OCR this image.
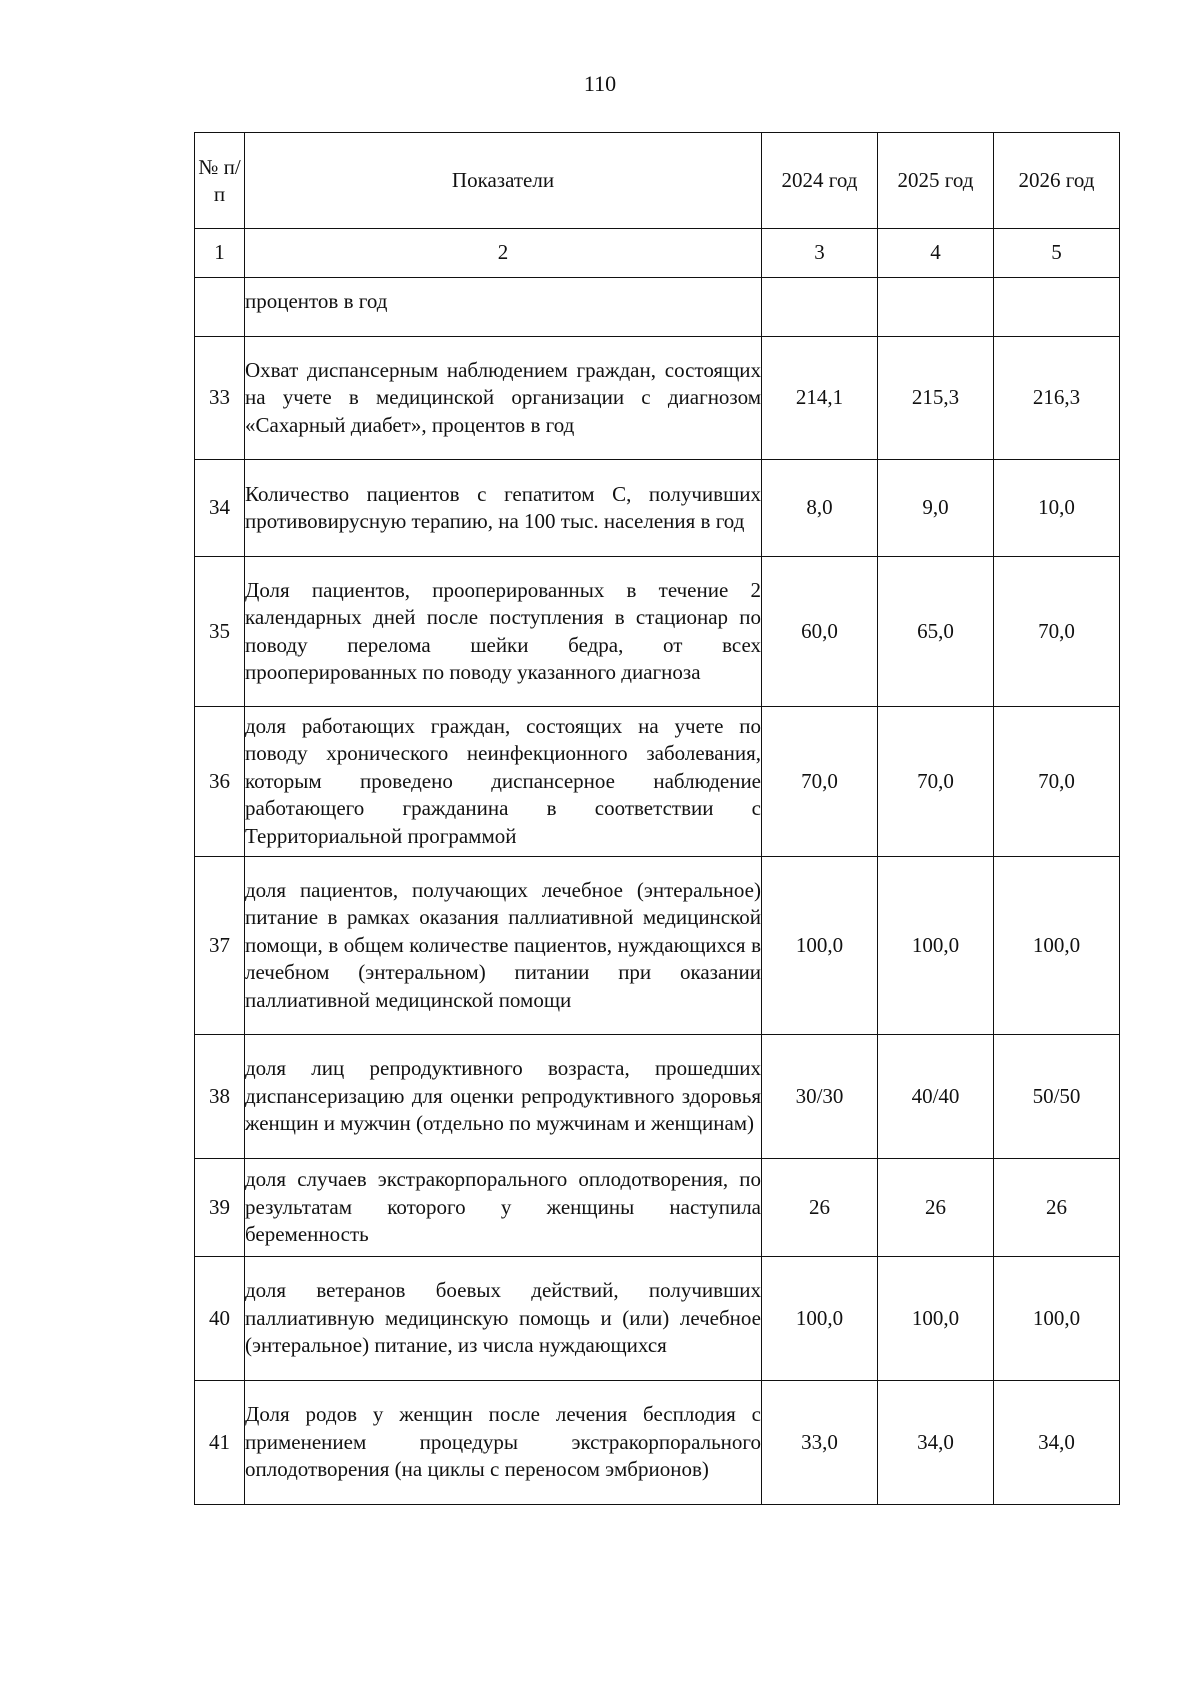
110
№ п/п	Показатели	2024 год	2025 год	2026 год
1	2	3	4	5
	процентов в год			
33	Охват диспансерным наблюдением граждан, состоящих на учете в медицинской организации с диагнозом «Сахарный диабет», процентов в год	214,1	215,3	216,3
34	Количество пациентов с гепатитом С, получивших противовирусную терапию, на 100 тыс. населения в год	8,0	9,0	10,0
35	Доля пациентов, прооперированных в течение 2 календарных дней после поступления в стационар по поводу перелома шейки бедра, от всех прооперированных по поводу указанного диагноза	60,0	65,0	70,0
36	доля работающих граждан, состоящих на учете по поводу хронического неинфекционного заболевания, которым проведено диспансерное наблюдение работающего гражданина в соответствии с Территориальной программой	70,0	70,0	70,0
37	доля пациентов, получающих лечебное (энтеральное) питание в рамках оказания паллиативной медицинской помощи, в общем количестве пациентов, нуждающихся в лечебном (энтеральном) питании при оказании паллиативной медицинской помощи	100,0	100,0	100,0
38	доля лиц репродуктивного возраста, прошедших диспансеризацию для оценки репродуктивного здоровья женщин и мужчин (отдельно по мужчинам и женщинам)	30/30	40/40	50/50
39	доля случаев экстракорпорального оплодотворения, по результатам которого у женщины наступила беременность	26	26	26
40	доля ветеранов боевых действий, получивших паллиативную медицинскую помощь и (или) лечебное (энтеральное) питание, из числа нуждающихся	100,0	100,0	100,0
41	Доля родов у женщин после лечения бесплодия с применением процедуры экстракорпорального оплодотворения (на циклы с переносом эмбрионов)	33,0	34,0	34,0
